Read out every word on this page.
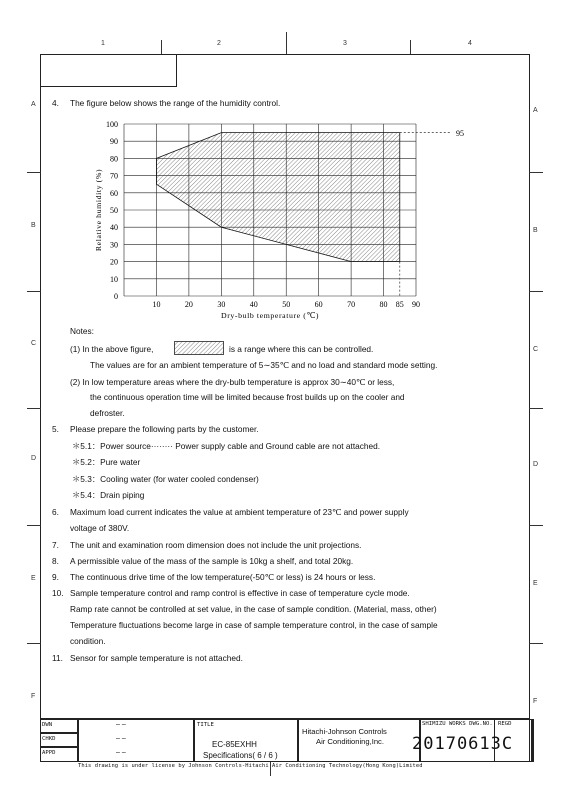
1	2	3	4
A
B
C
D
E
F
A
B
C
D
E
F
4. The figure below shows the range of the humidity control.
0
10
20
30
40
50
60
70
80
90
100
10	20	30	40	50	60	70	80 85 90
95
Dry-bulb temperature (℃)
Relative humidity (%)
Notes:
(1) In the above figure,	is a range where this can be controlled.
The values are for an ambient temperature of 5∼35℃ and no load and standard mode setting.
(2) In low temperature areas where the dry-bulb temperature is approx 30∼40℃ or less,
the continuous operation time will be limited because frost builds up on the cooler and
defroster.
5. Please prepare the following parts by the customer.
＊5.1：Power source········ Power supply cable and Ground cable are not attached.
＊5.2：Pure water
＊5.3：Cooling water (for water cooled condenser)
＊5.4：Drain piping
6. Maximum load current indicates the value at ambient temperature of 23℃ and power supply
voltage of 380V.
7. The unit and examination room dimension does not include the unit projections.
8. A permissible value of the mass of the sample is 10kg a shelf, and total 20kg.
9. The continuous drive time of the low temperature(-50℃ or less) is 24 hours or less.
10. Sample temperature control and ramp control is effective in case of temperature cycle mode.
Ramp rate cannot be controlled at set value, in the case of sample condition. (Material, mass, other)
Temperature fluctuations become large in case of sample temperature control, in the case of sample
condition.
11. Sensor for sample temperature is not attached.
DWN
CHKD
APPD
– –
– –
– –
TITLE
EC-85EXHH
Specifications( 6 / 6 )
Hitachi-Johnson Controls
Air Conditioning,Inc.
SHIMIZU WORKS DWG.NO.
20170613C
REGD
This drawing is under license by Johnson Controls-Hitachi Air Conditioning Technology(Hong Kong)Limited
